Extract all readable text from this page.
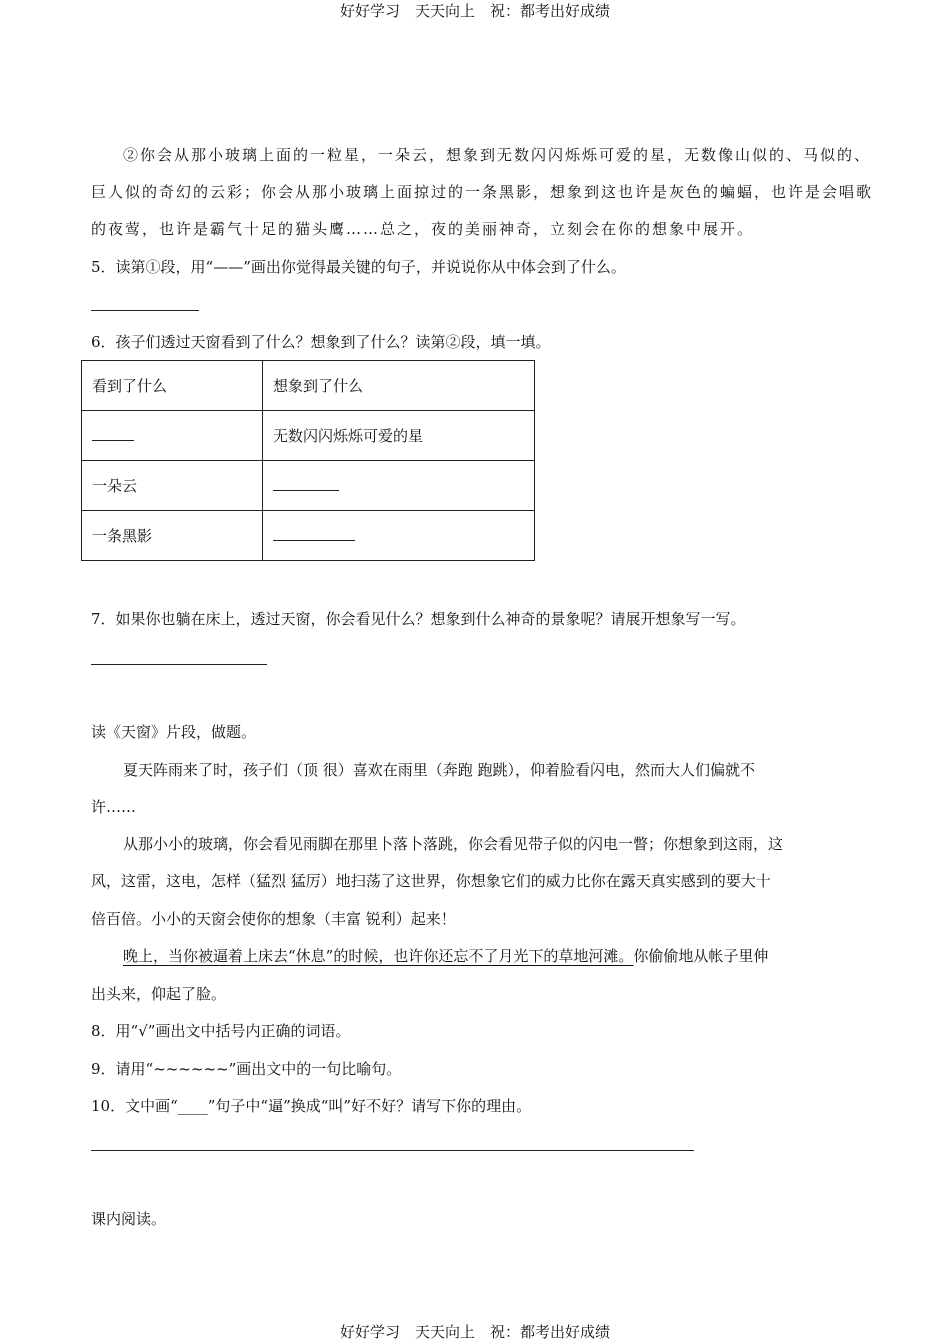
好好学习　天天向上　祝：都考出好成绩
②你会从那小玻璃上面的一粒星，一朵云，想象到无数闪闪烁烁可爱的星，无数像山似的、马似的、
巨人似的奇幻的云彩；你会从那小玻璃上面掠过的一条黑影，想象到这也许是灰色的蝙蝠，也许是会唱歌
的夜莺，也许是霸气十足的猫头鹰……总之，夜的美丽神奇，立刻会在你的想象中展开。
5．读第①段，用“——”画出你觉得最关键的句子，并说说你从中体会到了什么。
6．孩子们透过天窗看到了什么？想象到了什么？读第②段，填一填。
看到了什么	想象到了什么
	无数闪闪烁烁可爱的星
一朵云	
一条黑影	
7．如果你也躺在床上，透过天窗，你会看见什么？想象到什么神奇的景象呢？请展开想象写一写。
读《天窗》片段，做题。
夏天阵雨来了时，孩子们（顶 很）喜欢在雨里（奔跑 跑跳），仰着脸看闪电，然而大人们偏就不
许……
从那小小的玻璃，你会看见雨脚在那里卜落卜落跳，你会看见带子似的闪电一瞥；你想象到这雨，这
风，这雷，这电，怎样（猛烈 猛厉）地扫荡了这世界，你想象它们的威力比你在露天真实感到的要大十
倍百倍。小小的天窗会使你的想象（丰富 锐利）起来！
晚上，当你被逼着上床去“休息”的时候，也许你还忘不了月光下的草地河滩。你偷偷地从帐子里伸
出头来，仰起了脸。
8．用“√”画出文中括号内正确的词语。
9．请用“~~~~~~”画出文中的一句比喻句。
10．文中画“____”句子中“逼”换成“叫”好不好？请写下你的理由。
课内阅读。
好好学习　天天向上　祝：都考出好成绩
